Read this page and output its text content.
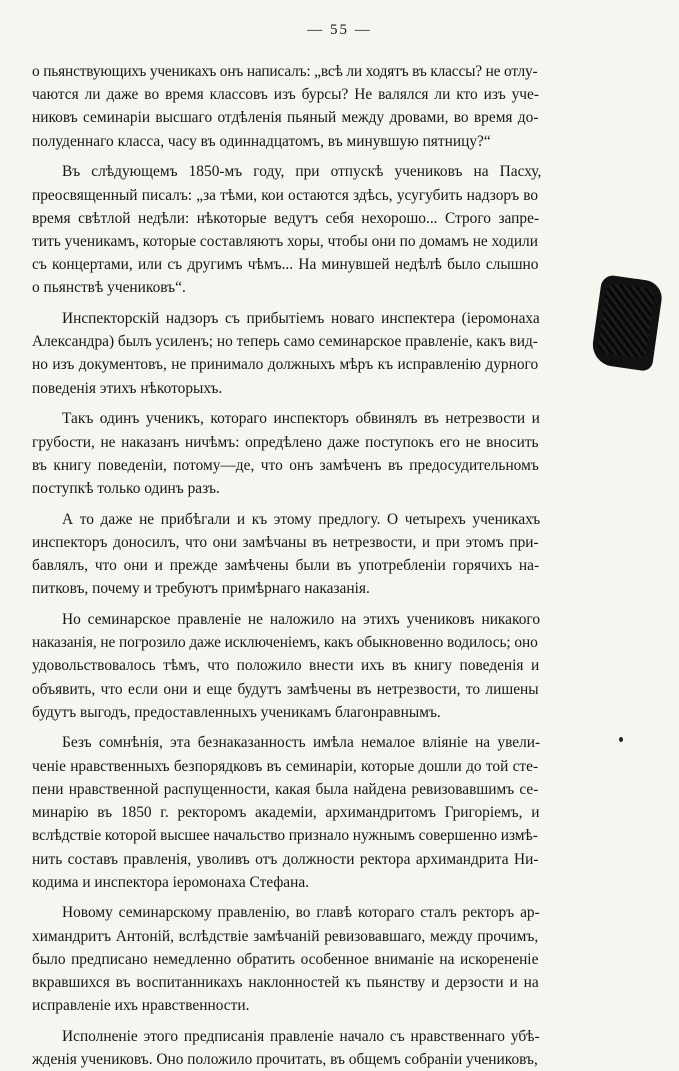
— 55 —
о пьянствующихъ ученикахъ онъ написалъ: „всѣ ли ходятъ въ классы? не отлу-
чаются ли даже во время классовъ изъ бурсы? Не валялся ли кто изъ уче-
никовъ семинаріи высшаго отдѣленія пьяный между дровами, во время до-
полуденнаго класса, часу въ одиннадцатомъ, въ минувшую пятницу?“
Въ слѣдующемъ 1850-мъ году, при отпускѣ учениковъ на Пасху,
преосвященный писалъ: „за тѣми, кои остаются здѣсь, усугубить надзоръ во
время свѣтлой недѣли: нѣкоторые ведутъ себя нехорошо... Строго запре-
тить ученикамъ, которые составляютъ хоры, чтобы они по домамъ не ходили
съ концертами, или съ другимъ чѣмъ... На минувшей недѣлѣ было слышно
о пьянствѣ учениковъ“.
Инспекторскій надзоръ съ прибытіемъ новаго инспектера (іеромонаха
Александра) былъ усиленъ; но теперь само семинарское правленіе, какъ вид-
но изъ документовъ, не принимало должныхъ мѣръ къ исправленію дурного
поведенія этихъ нѣкоторыхъ.
Такъ одинъ ученикъ, котораго инспекторъ обвинялъ въ нетрезвости и
грубости, не наказанъ ничѣмъ: опредѣлено даже поступокъ его не вносить
въ книгу поведеніи, потому—де, что онъ замѣченъ въ предосудительномъ
поступкѣ только одинъ разъ.
А то даже не прибѣгали и къ этому предлогу. О четырехъ ученикахъ
инспекторъ доносилъ, что они замѣчаны въ нетрезвости, и при этомъ при-
бавлялъ, что они и прежде замѣчены были въ употребленіи горячихъ на-
питковъ, почему и требуютъ примѣрнаго наказанія.
Но семинарское правленіе не наложило на этихъ учениковъ никакого
наказанія, не погрозило даже исключеніемъ, какъ обыкновенно водилось; оно
удовольствовалось тѣмъ, что положило внести ихъ въ книгу поведенія и
объявить, что если они и еще будутъ замѣчены въ нетрезвости, то лишены
будутъ выгодъ, предоставленныхъ ученикамъ благонравнымъ.
Безъ сомнѣнія, эта безнаказанность имѣла немалое вліяніе на увели-
ченіе нравственныхъ безпорядковъ въ семинаріи, которые дошли до той сте-
пени нравственной распущенности, какая была найдена ревизовавшимъ се-
минарію въ 1850 г. ректоромъ академіи, архимандритомъ Григоріемъ, и
вслѣдствіе которой высшее начальство признало нужнымъ совершенно измѣ-
нить составъ правленія, уволивъ отъ должности ректора архимандрита Ни-
кодима и инспектора іеромонаха Стефана.
Новому семинарскому правленію, во главѣ котораго сталъ ректоръ ар-
химандритъ Антоній, вслѣдствіе замѣчаній ревизовавшаго, между прочимъ,
было предписано немедленно обратить особенное вниманіе на искорененіе
вкравшихся въ воспитанникахъ наклонностей къ пьянству и дерзости и на
исправленіе ихъ нравственности.
Исполненіе этого предписанія правленіе начало съ нравственнаго убѣ-
жденія учениковъ. Оно положило прочитать, въ общемъ собраніи учениковъ,
